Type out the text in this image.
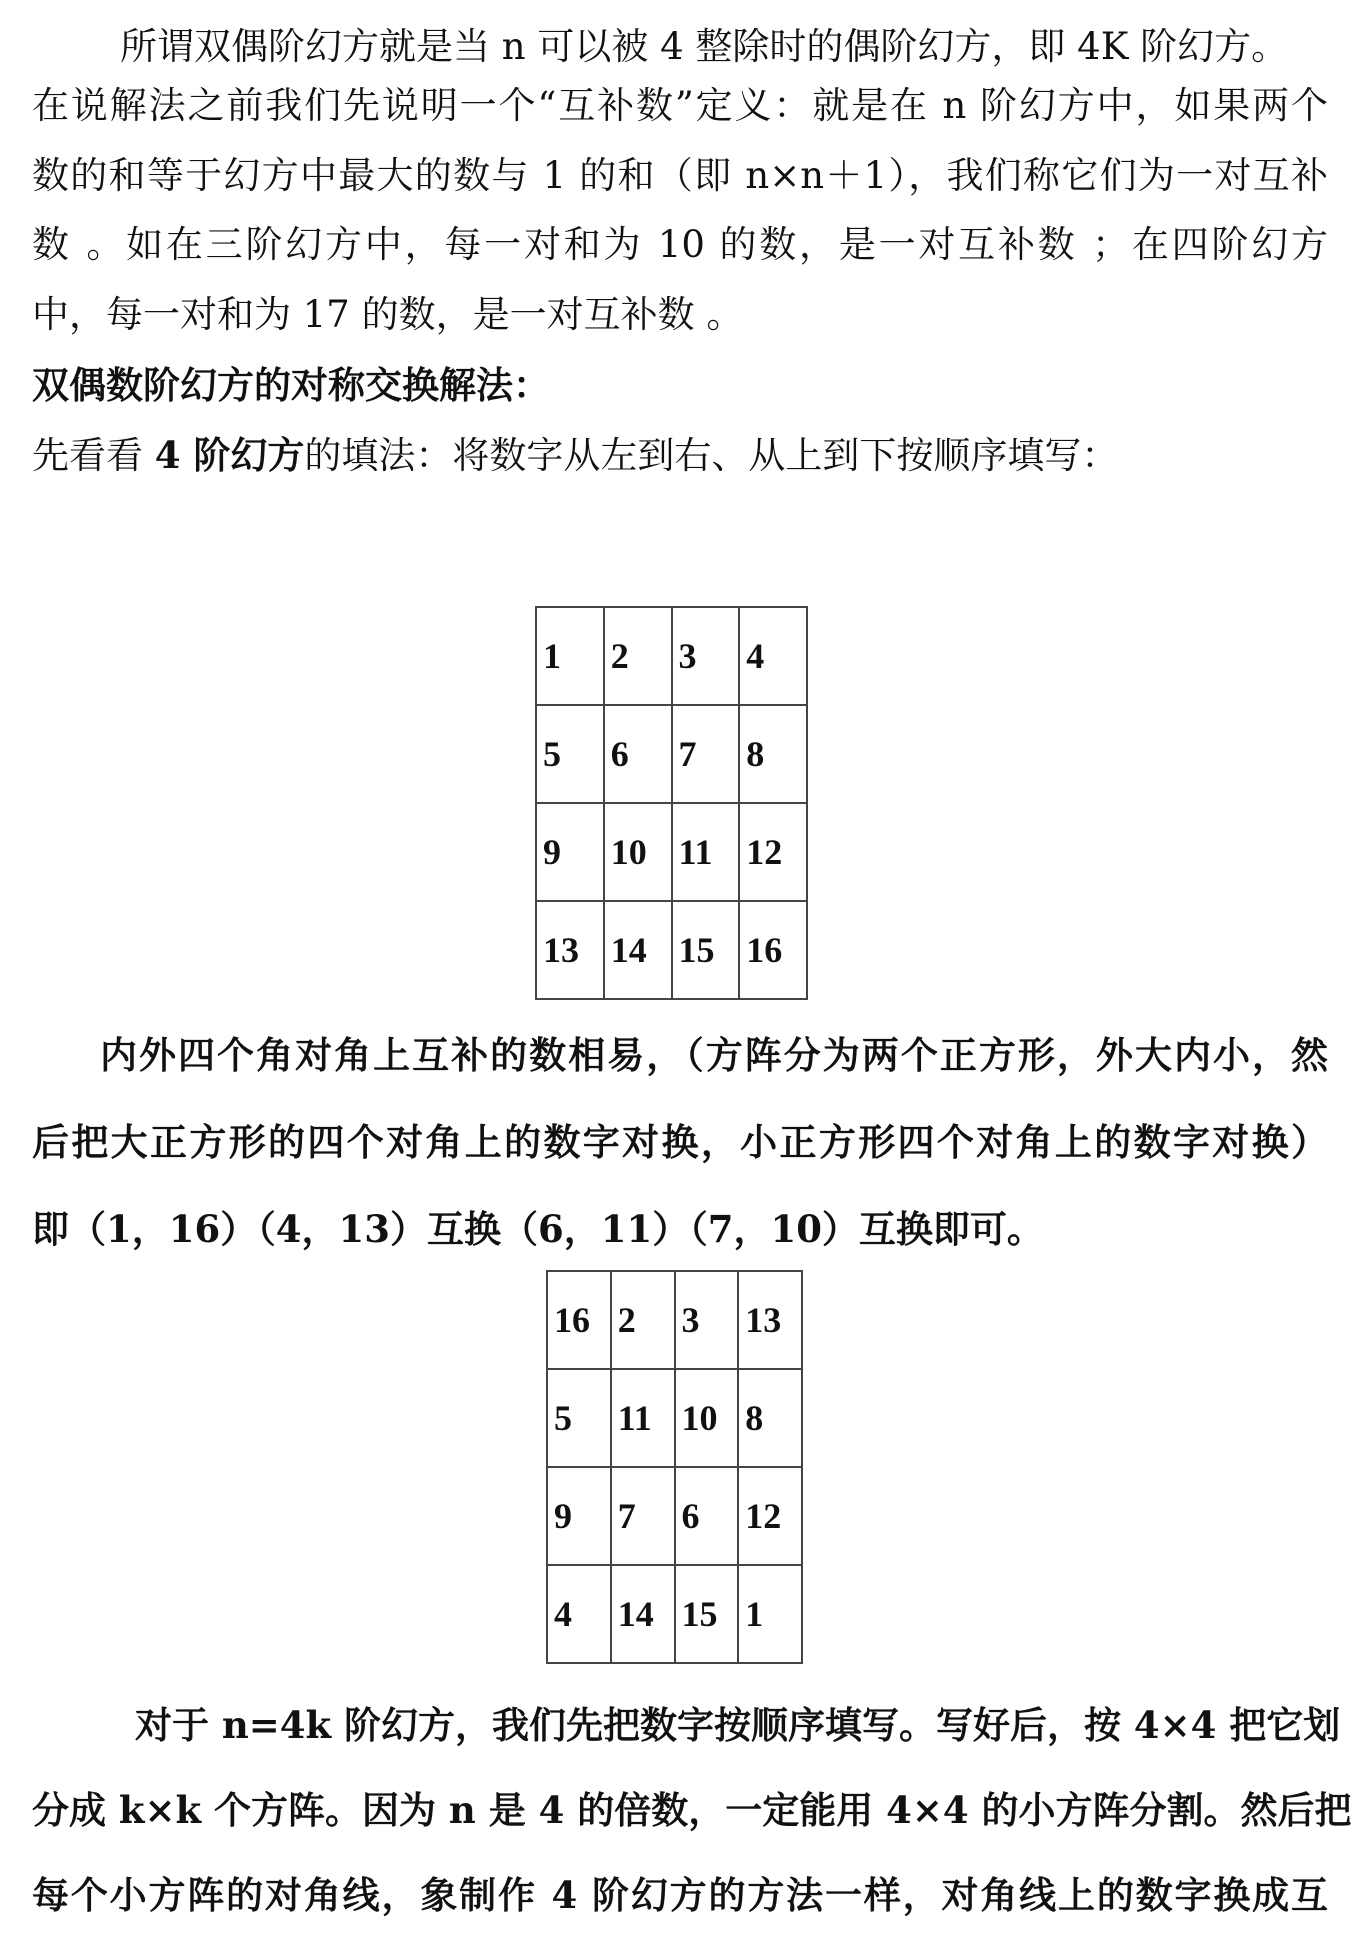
所谓双偶阶幻方就是当 n 可以被 4 整除时的偶阶幻方，即 4K 阶幻方。
在说解法之前我们先说明一个“互补数”定义：就是在 n 阶幻方中，如果两个
数的和等于幻方中最大的数与 1 的和（即 n×n＋1），我们称它们为一对互补
数 。如在三阶幻方中，每一对和为 10 的数，是一对互补数 ；在四阶幻方
中，每一对和为 17 的数，是一对互补数 。
双偶数阶幻方的对称交换解法：
先看看 4 阶幻方的填法：将数字从左到右、从上到下按顺序填写：
1	2	3	4
5	6	7	8
9	10	11	12
13	14	15	16
内外四个角对角上互补的数相易，（方阵分为两个正方形，外大内小，然
后把大正方形的四个对角上的数字对换，小正方形四个对角上的数字对换）
即（1，16）（4，13）互换（6，11）（7，10）互换即可。
16	2	3	13
5	11	10	8
9	7	6	12
4	14	15	1
对于 n=4k 阶幻方，我们先把数字按顺序填写。写好后，按 4×4 把它划
分成 k×k 个方阵。因为 n 是 4 的倍数，一定能用 4×4 的小方阵分割。然后把
每个小方阵的对角线，象制作 4 阶幻方的方法一样，对角线上的数字换成互
